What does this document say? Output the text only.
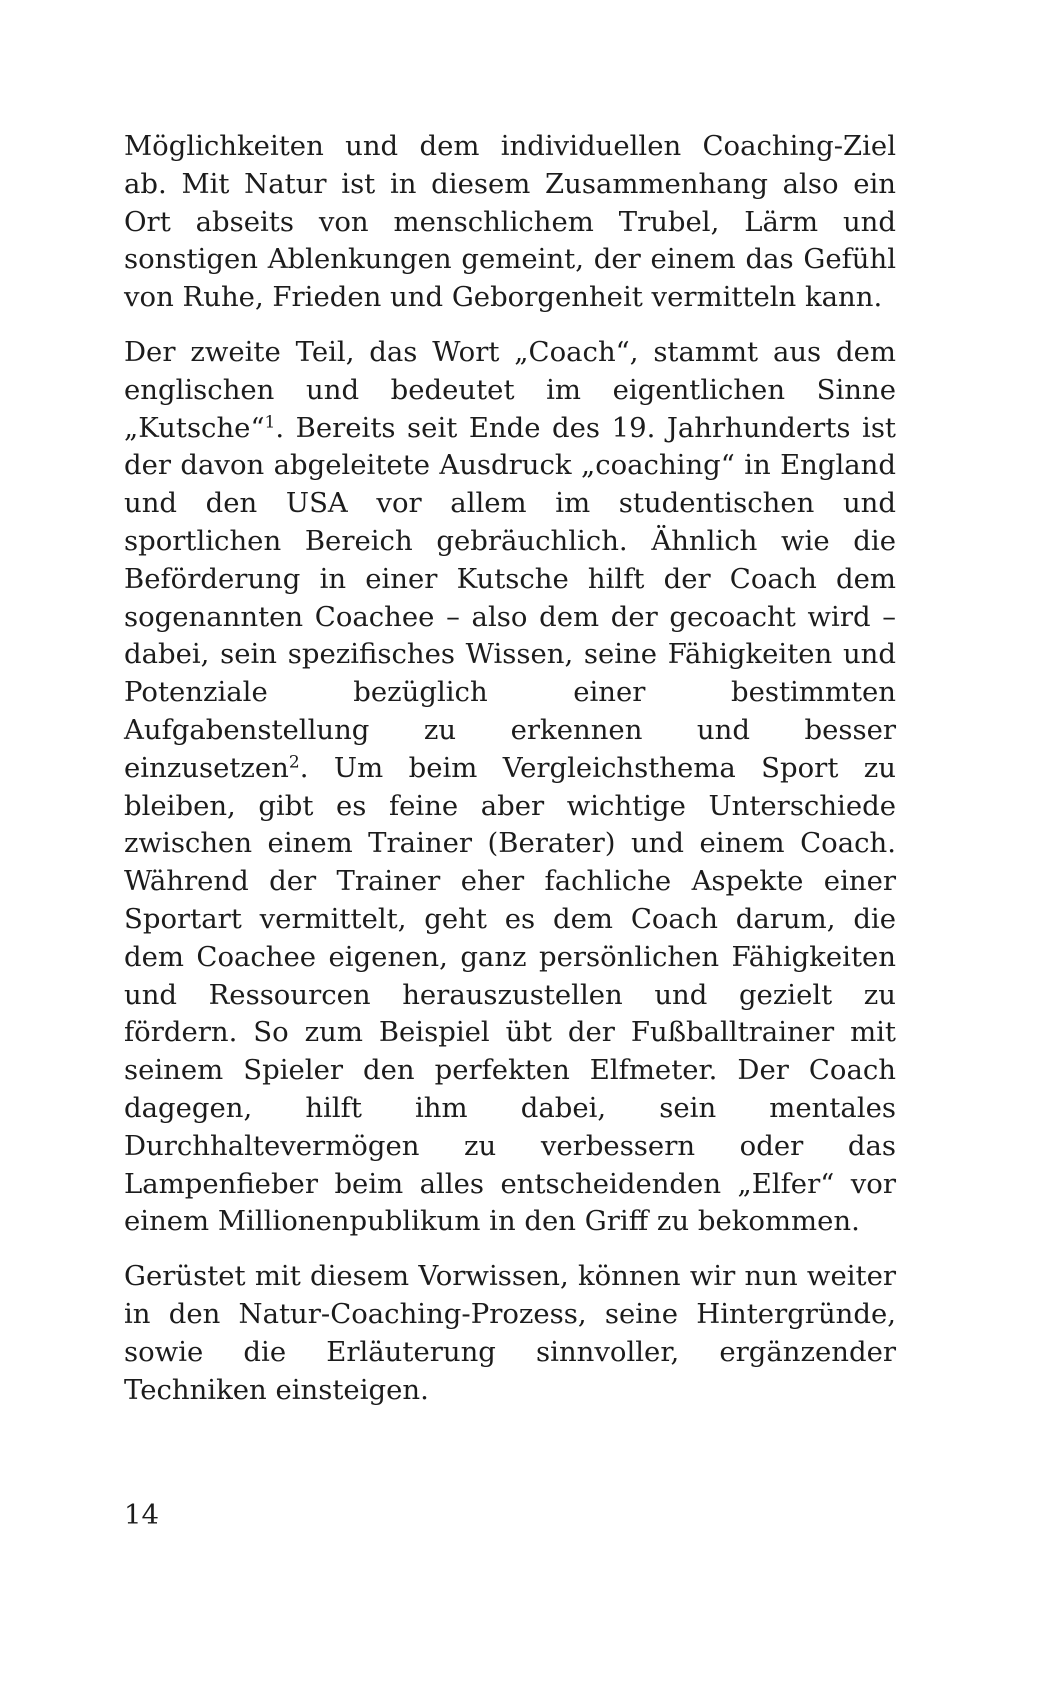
Möglichkeiten und dem individuellen Coaching-Ziel ab. Mit Natur ist in diesem Zusammenhang also ein Ort abseits von menschlichem Trubel, Lärm und sonstigen Ablenkungen gemeint, der einem das Gefühl von Ruhe, Frieden und Geborgenheit vermitteln kann.

Der zweite Teil, das Wort „Coach“, stammt aus dem englischen und bedeutet im eigentlichen Sinne „Kutsche“$^1$. Bereits seit Ende des 19. Jahrhunderts ist der davon abgeleitete Ausdruck „coaching“ in England und den USA vor allem im studentischen und sportlichen Bereich gebräuchlich. Ähnlich wie die Beförderung in einer Kutsche hilft der Coach dem sogenannten Coachee – also dem der gecoacht wird – dabei, sein spezifisches Wissen, seine Fähigkeiten und Potenziale bezüglich einer bestimmten Aufgabenstellung zu erkennen und besser einzusetzen$^2$. Um beim Vergleichsthema Sport zu bleiben, gibt es feine aber wichtige Unterschiede zwischen einem Trainer (Berater) und einem Coach. Während der Trainer eher fachliche Aspekte einer Sportart vermittelt, geht es dem Coach darum, die dem Coachee eigenen, ganz persönlichen Fähigkeiten und Ressourcen herauszustellen und gezielt zu fördern. So zum Beispiel übt der Fußballtrainer mit seinem Spieler den perfekten Elfmeter. Der Coach dagegen, hilft ihm dabei, sein mentales Durchhaltevermögen zu verbessern oder das Lampenfieber beim alles entscheidenden „Elfer“ vor einem Millionenpublikum in den Griff zu bekommen.

Gerüstet mit diesem Vorwissen, können wir nun weiter in den Natur-Coaching-Prozess, seine Hintergründe, sowie die Erläuterung sinnvoller, ergänzender Techniken einsteigen.

14
